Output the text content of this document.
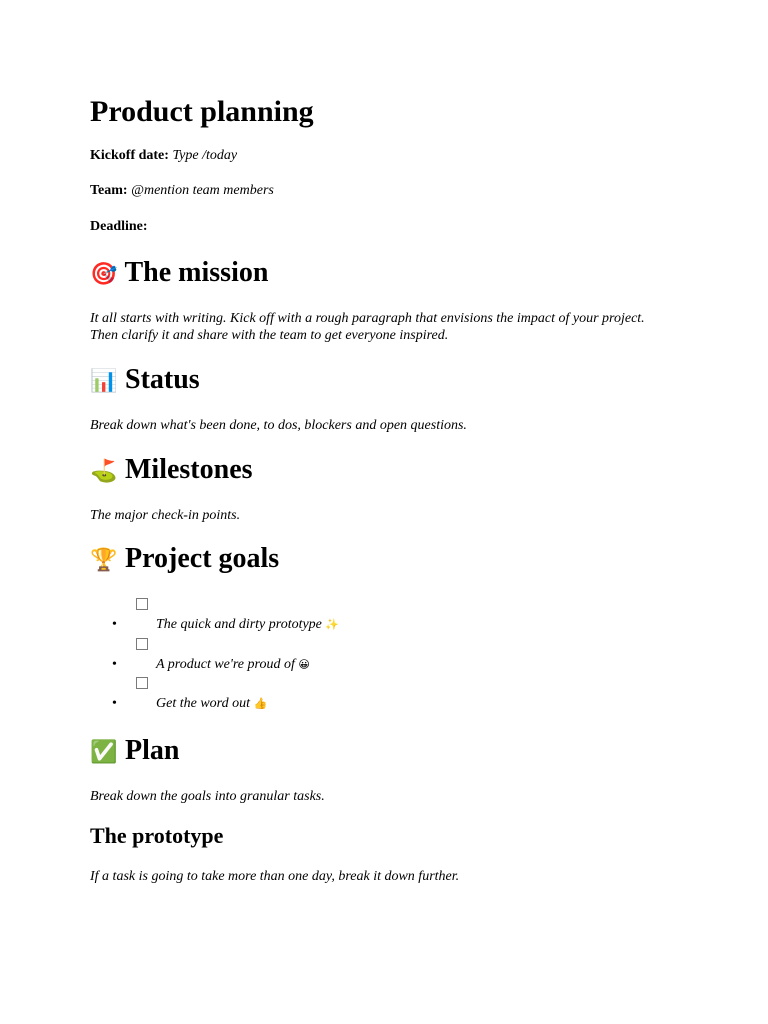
Product planning

Kickoff date: Type /today

Team: @mention team members

Deadline:

🎯 The mission

It all starts with writing. Kick off with a rough paragraph that envisions the impact of your project. Then clarify it and share with the team to get everyone inspired.

📊 Status

Break down what's been done, to dos, blockers and open questions.

⛳ Milestones

The major check-in points.

🏆 Project goals
•	The quick and dirty prototype ✨
•	A product we're proud of 😀
•	Get the word out 👍
✅ Plan

Break down the goals into granular tasks.

The prototype

If a task is going to take more than one day, break it down further.
